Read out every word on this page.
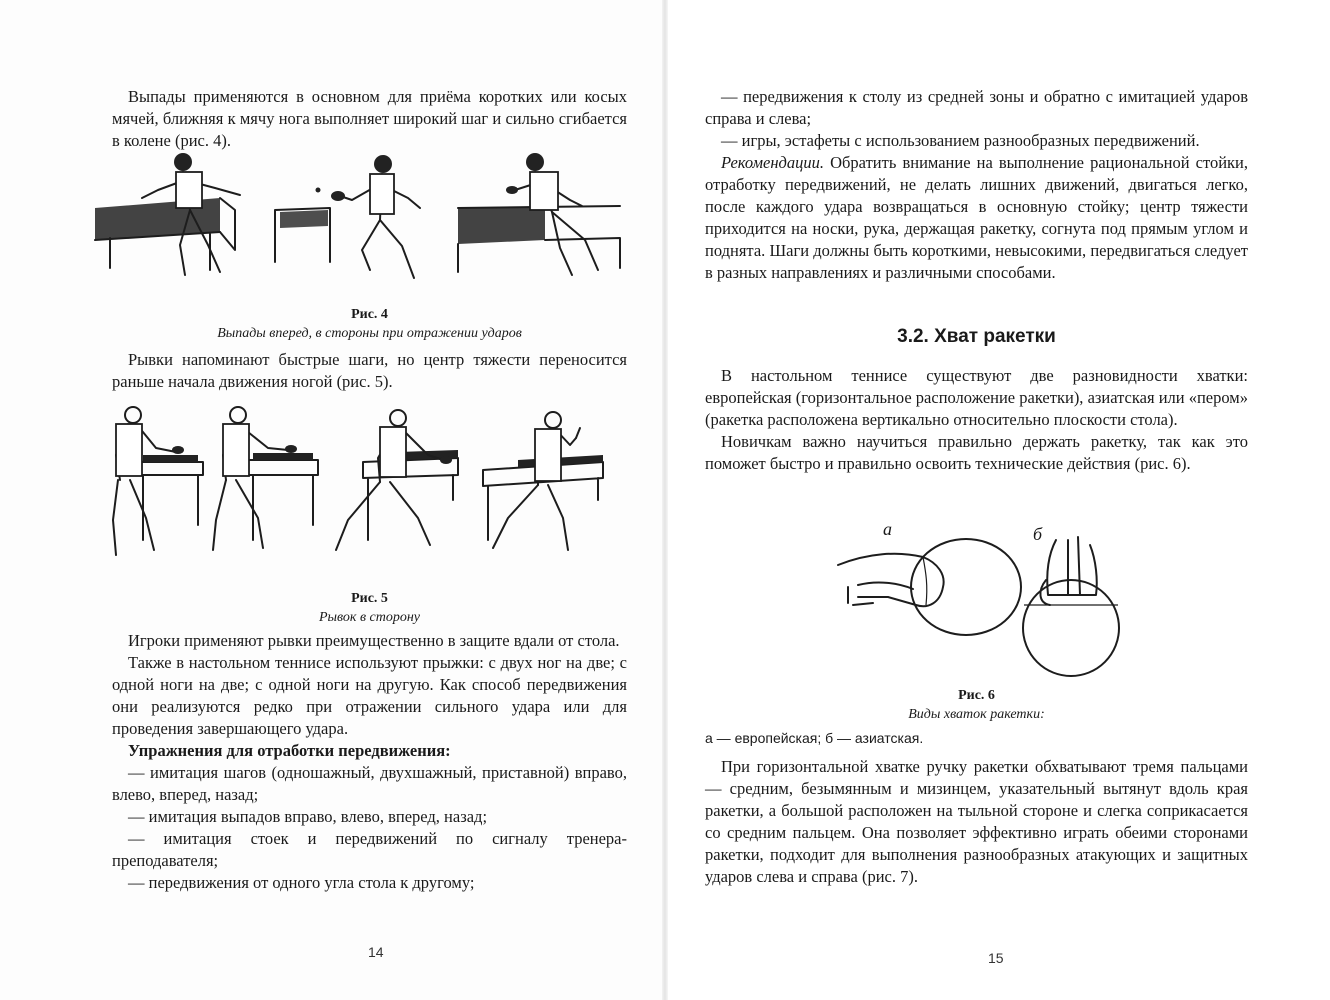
Выпады применяются в основном для приёма коротких или косых мячей, ближняя к мячу нога выполняет широкий шаг и сильно сгибается в колене (рис. 4).

Рис. 4
Выпады вперед, в стороны при отражении ударов

Рывки напоминают быстрые шаги, но центр тяжести переносится раньше начала движения ногой (рис. 5).

Рис. 5
Рывок в сторону

Игроки применяют рывки преимущественно в защите вдали от стола.

Также в настольном теннисе используют прыжки: с двух ног на две; с одной ноги на две; с одной ноги на другую. Как способ передвижения они реализуются редко при отражении сильного удара или для проведения завершающего удара.

Упражнения для отработки передвижения:

— имитация шагов (одношажный, двухшажный, приставной) вправо, влево, вперед, назад;

— имитация выпадов вправо, влево, вперед, назад;

— имитация стоек и передвижений по сигналу тренера-преподавателя;

— передвижения от одного угла стола к другому;

14

— передвижения к столу из средней зоны и обратно с имитацией ударов справа и слева;

— игры, эстафеты с использованием разнообразных передвижений.

Рекомендации. Обратить внимание на выполнение рациональной стойки, отработку передвижений, не делать лишних движений, двигаться легко, после каждого удара возвращаться в основную стойку; центр тяжести приходится на носки, рука, держащая ракетку, согнута под прямым углом и поднята. Шаги должны быть короткими, невысокими, передвигаться следует в разных направлениях и различными способами.

3.2. Хват ракетки

В настольном теннисе существуют две разновидности хватки: европейская (горизонтальное расположение ракетки), азиатская или «пером» (ракетка расположена вертикально относительно плоскости стола).

Новичкам важно научиться правильно держать ракетку, так как это поможет быстро и правильно освоить технические действия (рис. 6).

а	б
Рис. 6
Виды хваток ракетки:
а — европейская; б — азиатская.

При горизонтальной хватке ручку ракетки обхватывают тремя пальцами — средним, безымянным и мизинцем, указательный вытянут вдоль края ракетки, а большой расположен на тыльной стороне и слегка соприкасается со средним пальцем. Она позволяет эффективно играть обеими сторонами ракетки, подходит для выполнения разнообразных атакующих и защитных ударов слева и справа (рис. 7).

15
